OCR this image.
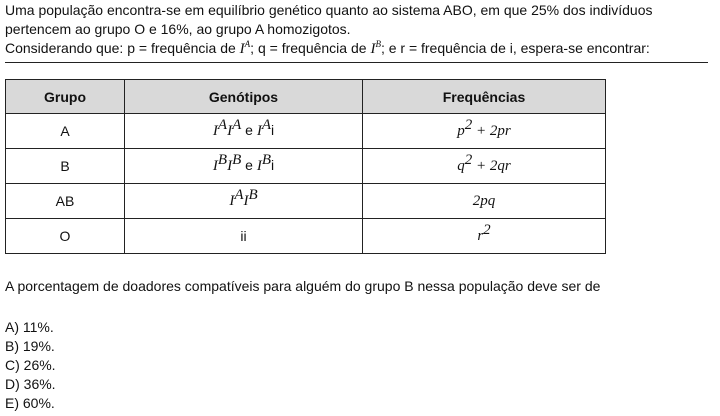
Uma população encontra-se em equilíbrio genético quanto ao sistema ABO, em que 25% dos indivíduos
pertencem ao grupo O e 16%, ao grupo A homozigotos.
Considerando que: p = frequência de $I^A$; q = frequência de $I^B$; e r = frequência de i, espera-se encontrar:
Grupo	Genótipos	Frequências
A	$I^AI^A$ e $I^Ai$	$p^2 + 2pr$
B	$I^BI^B$ e $I^Bi$	$q^2 + 2qr$
AB	$I^AI^B$	2pq
O	ii	$r^2$

A porcentagem de doadores compatíveis para alguém do grupo B nessa população deve ser de

A) 11%.
B) 19%.
C) 26%.
D) 36%.
E) 60%.
